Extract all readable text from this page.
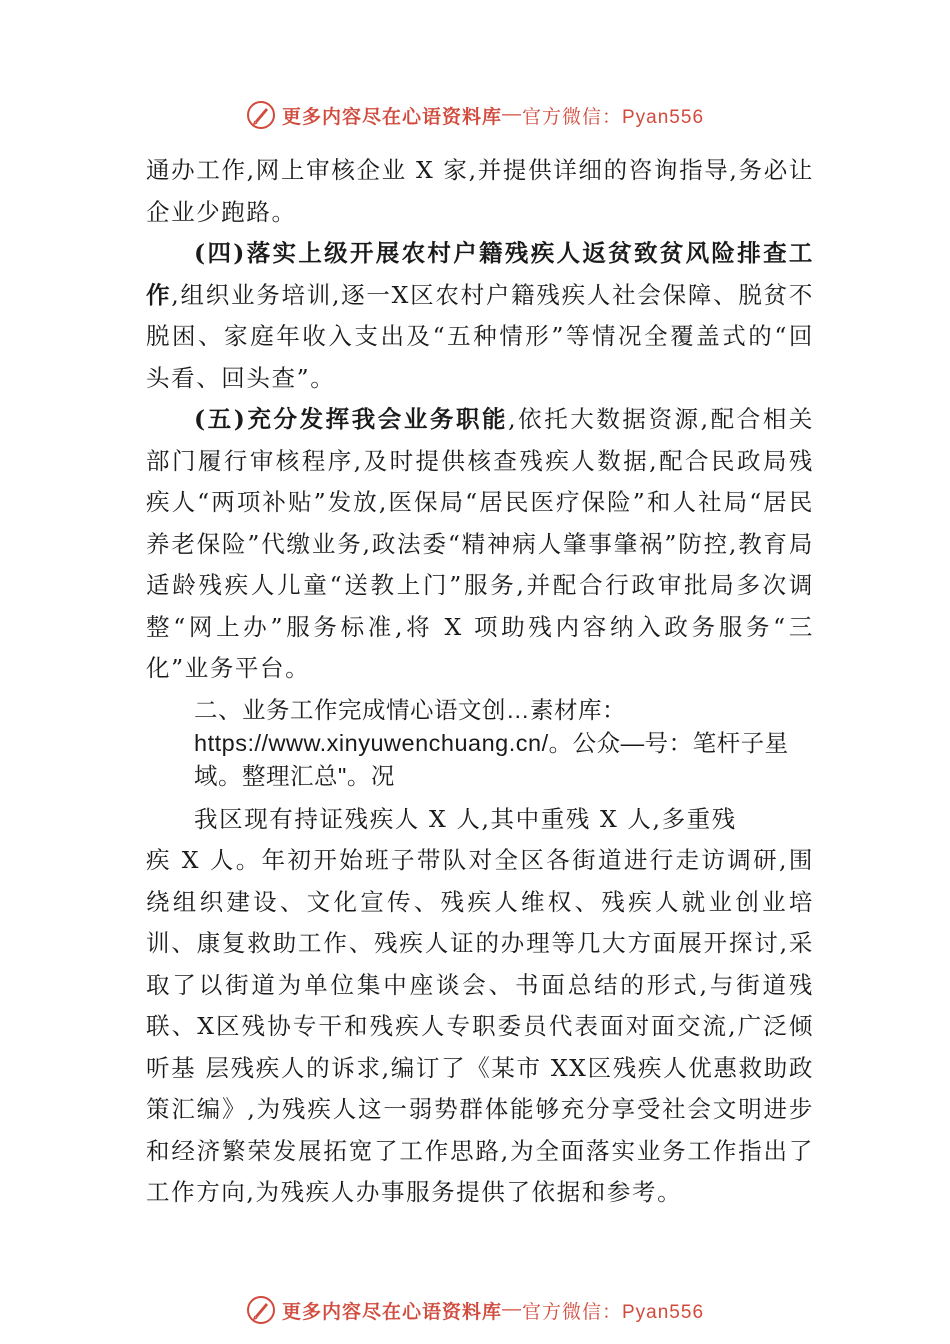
更多内容尽在心语资料库 — 官方微信：Pyan556

通办工作,网上审核企业 X 家,并提供详细的咨询指导,务必让企业少跑路。

(四)落实上级开展农村户籍残疾人返贫致贫风险排查工作,组织业务培训,逐一X区农村户籍残疾人社会保障、脱贫不脱困、家庭年收入支出及“五种情形”等情况全覆盖式的“回头看、回头查”。

(五)充分发挥我会业务职能,依托大数据资源,配合相关部门履行审核程序,及时提供核查残疾人数据,配合民政局残疾人“两项补贴”发放,医保局“居民医疗保险”和人社局“居民养老保险”代缴业务,政法委“精神病人肇事肇祸”防控,教育局适龄残疾人儿童“送教上门”服务,并配合行政审批局多次调整“网上办”服务标准,将 X 项助残内容纳入政务服务“三化”业务平台。

二、业务工作完成情心语文创…素材库：https://www.xinyuwenchuang.cn/。公众—号：笔杆子星域。整理汇总"。况

我区现有持证残疾人 X 人,其中重残 X 人,多重残

疾 X 人。年初开始班子带队对全区各街道进行走访调研,围绕组织建设、文化宣传、残疾人维权、残疾人就业创业培训、康复救助工作、残疾人证的办理等几大方面展开探讨,采取了以街道为单位集中座谈会、书面总结的形式,与街道残联、X区残协专干和残疾人专职委员代表面对面交流,广泛倾听基 层残疾人的诉求,编订了《某市 XX区残疾人优惠救助政策汇编》,为残疾人这一弱势群体能够充分享受社会文明进步和经济繁荣发展拓宽了工作思路,为全面落实业务工作指出了工作方向,为残疾人办事服务提供了依据和参考。

更多内容尽在心语资料库 — 官方微信：Pyan556
